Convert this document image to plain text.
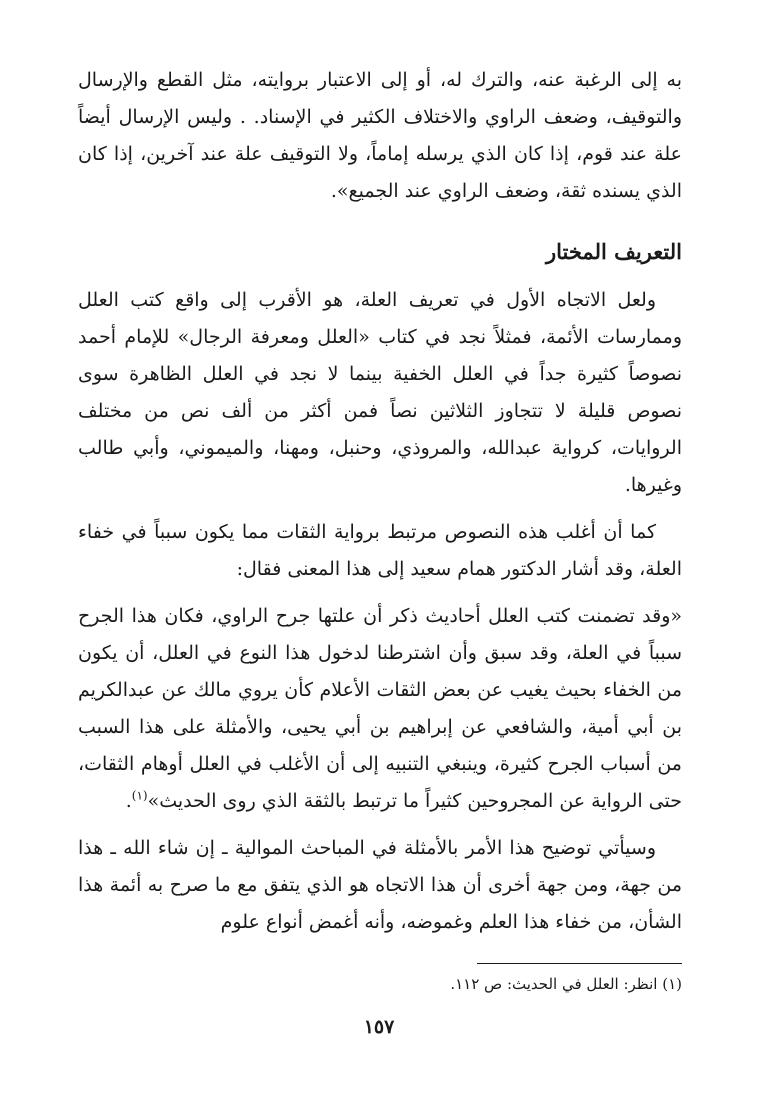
به إلى الرغبة عنه، والترك له، أو إلى الاعتبار بروايته، مثل القطع والإرسال والتوقيف، وضعف الراوي والاختلاف الكثير في الإسناد. . وليس الإرسال أيضاً علة عند قوم، إذا كان الذي يرسله إماماً، ولا التوقيف علة عند آخرين، إذا كان الذي يسنده ثقة، وضعف الراوي عند الجميع».

التعريف المختار

ولعل الاتجاه الأول في تعريف العلة، هو الأقرب إلى واقع كتب العلل وممارسات الأئمة، فمثلاً نجد في كتاب «العلل ومعرفة الرجال» للإمام أحمد نصوصاً كثيرة جداً في العلل الخفية بينما لا نجد في العلل الظاهرة سوى نصوص قليلة لا تتجاوز الثلاثين نصاً فمن أكثر من ألف نص من مختلف الروايات، كرواية عبدالله، والمروذي، وحنبل، ومهنا، والميموني، وأبي طالب وغيرها.

كما أن أغلب هذه النصوص مرتبط برواية الثقات مما يكون سبباً في خفاء العلة، وقد أشار الدكتور همام سعيد إلى هذا المعنى فقال:

«وقد تضمنت كتب العلل أحاديث ذكر أن علتها جرح الراوي، فكان هذا الجرح سبباً في العلة، وقد سبق وأن اشترطنا لدخول هذا النوع في العلل، أن يكون من الخفاء بحيث يغيب عن بعض الثقات الأعلام كأن يروي مالك عن عبدالكريم بن أبي أمية، والشافعي عن إبراهيم بن أبي يحيى، والأمثلة على هذا السبب من أسباب الجرح كثيرة، وينبغي التنبيه إلى أن الأغلب في العلل أوهام الثقات، حتى الرواية عن المجروحين كثيراً ما ترتبط بالثقة الذي روى الحديث»$^{(١)}$.

وسيأتي توضيح هذا الأمر بالأمثلة في المباحث الموالية ـ إن شاء الله ـ هذا من جهة، ومن جهة أخرى أن هذا الاتجاه هو الذي يتفق مع ما صرح به أئمة هذا الشأن، من خفاء هذا العلم وغموضه، وأنه أغمض أنواع علوم

(١) انظر: العلل في الحديث: ص ١١٢.
١٥٧
